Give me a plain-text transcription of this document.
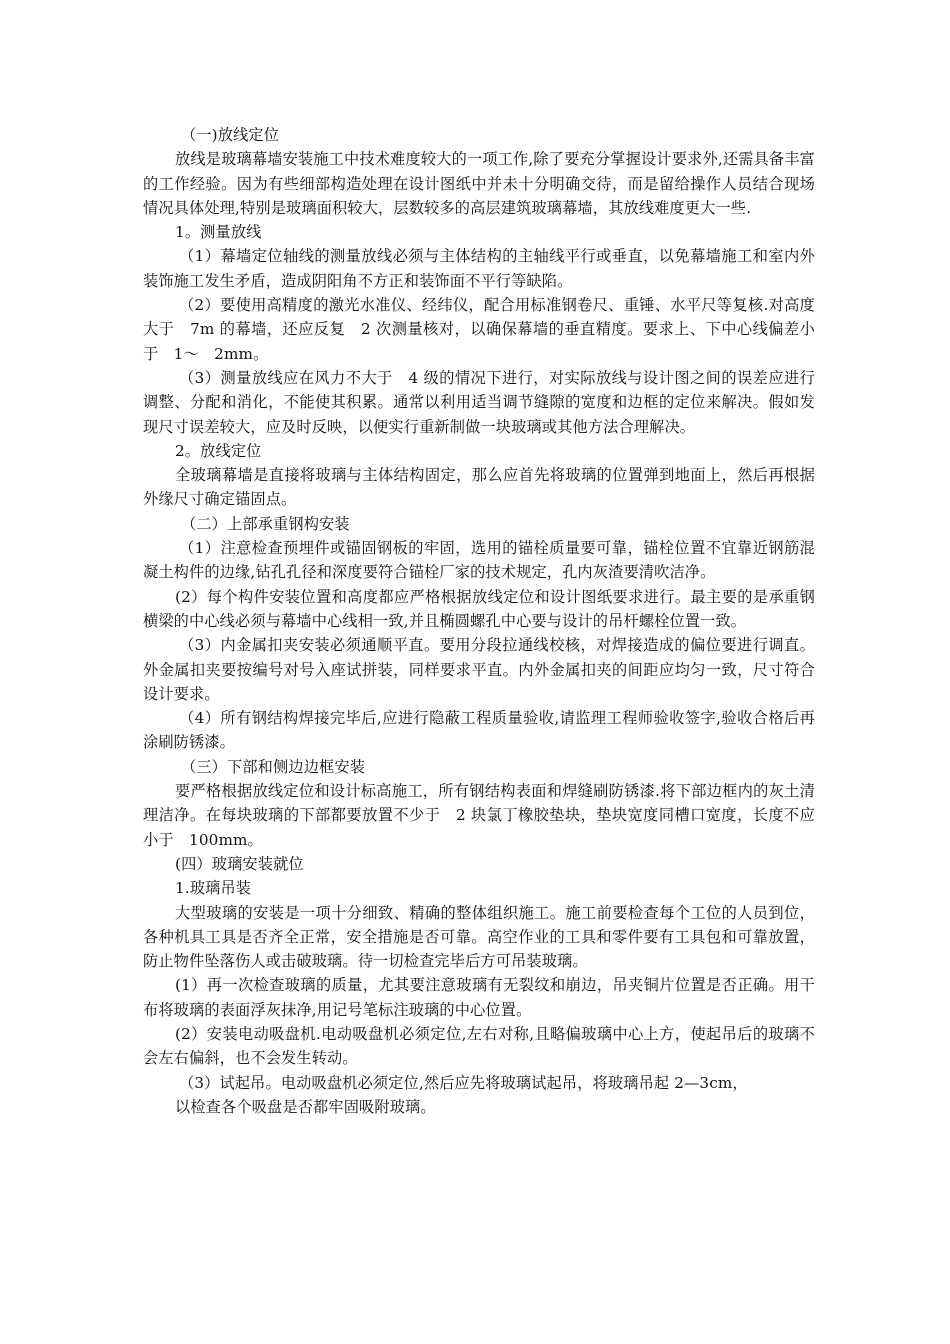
（一)放线定位

放线是玻璃幕墙安装施工中技术难度较大的一项工作,除了要充分掌握设计要求外,还需具备丰富的工作经验。因为有些细部构造处理在设计图纸中并未十分明确交待，而是留给操作人员结合现场情况具体处理,特别是玻璃面积较大，层数较多的高层建筑玻璃幕墙，其放线难度更大一些.

1。测量放线

（1）幕墙定位轴线的测量放线必须与主体结构的主轴线平行或垂直，以免幕墙施工和室内外装饰施工发生矛盾，造成阴阳角不方正和装饰面不平行等缺陷。

（2）要使用高精度的激光水准仪、经纬仪，配合用标准钢卷尺、重锤、水平尺等复核.对高度大于　7m 的幕墙，还应反复　2 次测量核对，以确保幕墙的垂直精度。要求上、下中心线偏差小于　1～　2mm。

（3）测量放线应在风力不大于　4 级的情况下进行，对实际放线与设计图之间的误差应进行调整、分配和消化，不能使其积累。通常以利用适当调节缝隙的宽度和边框的定位来解决。假如发现尺寸误差较大，应及时反映，以便实行重新制做一块玻璃或其他方法合理解决。

2。放线定位

全玻璃幕墙是直接将玻璃与主体结构固定，那么应首先将玻璃的位置弹到地面上，然后再根据外缘尺寸确定锚固点。

（二）上部承重钢构安装

（1）注意检查预埋件或锚固钢板的牢固，选用的锚栓质量要可靠，锚栓位置不宜靠近钢筋混凝土构件的边缘,钻孔孔径和深度要符合锚栓厂家的技术规定，孔内灰渣要清吹洁净。

(2）每个构件安装位置和高度都应严格根据放线定位和设计图纸要求进行。最主要的是承重钢横梁的中心线必须与幕墙中心线相一致,并且椭圆螺孔中心要与设计的吊杆螺栓位置一致。

（3）内金属扣夹安装必须通顺平直。要用分段拉通线校核，对焊接造成的偏位要进行调直。外金属扣夹要按编号对号入座试拼装，同样要求平直。内外金属扣夹的间距应均匀一致，尺寸符合设计要求。

（4）所有钢结构焊接完毕后,应进行隐蔽工程质量验收,请监理工程师验收签字,验收合格后再涂刷防锈漆。

（三）下部和侧边边框安装

要严格根据放线定位和设计标高施工，所有钢结构表面和焊缝刷防锈漆.将下部边框内的灰土清理洁净。在每块玻璃的下部都要放置不少于　2 块氯丁橡胶垫块，垫块宽度同槽口宽度，长度不应小于　100mm。

(四）玻璃安装就位

1.玻璃吊装

大型玻璃的安装是一项十分细致、精确的整体组织施工。施工前要检查每个工位的人员到位，各种机具工具是否齐全正常，安全措施是否可靠。高空作业的工具和零件要有工具包和可靠放置，防止物件坠落伤人或击破玻璃。待一切检查完毕后方可吊装玻璃。

(1）再一次检查玻璃的质量，尤其要注意玻璃有无裂纹和崩边，吊夹铜片位置是否正确。用干布将玻璃的表面浮灰抹净,用记号笔标注玻璃的中心位置。

(2）安装电动吸盘机.电动吸盘机必须定位,左右对称,且略偏玻璃中心上方，使起吊后的玻璃不会左右偏斜，也不会发生转动。

（3）试起吊。电动吸盘机必须定位,然后应先将玻璃试起吊，将玻璃吊起 2—3cm，

以检查各个吸盘是否都牢固吸附玻璃。
